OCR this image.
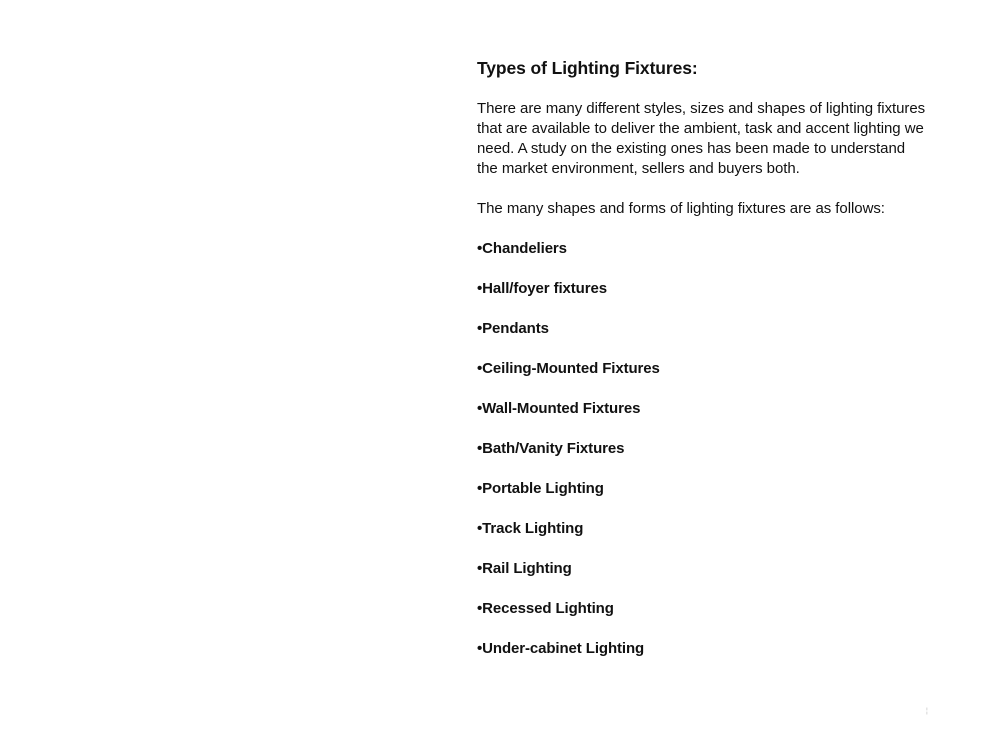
Types of Lighting Fixtures:

There are many different styles, sizes and shapes of lighting fixtures that are available to deliver the ambient, task and accent lighting we need. A study on the existing ones has been made to understand the market environment, sellers and buyers both.

The many shapes and forms of lighting fixtures are as follows:

•Chandeliers
•Hall/foyer fixtures
•Pendants
•Ceiling-Mounted Fixtures
•Wall-Mounted Fixtures
•Bath/Vanity Fixtures
•Portable Lighting
•Track Lighting
•Rail Lighting
•Recessed Lighting
•Under-cabinet Lighting
¦
